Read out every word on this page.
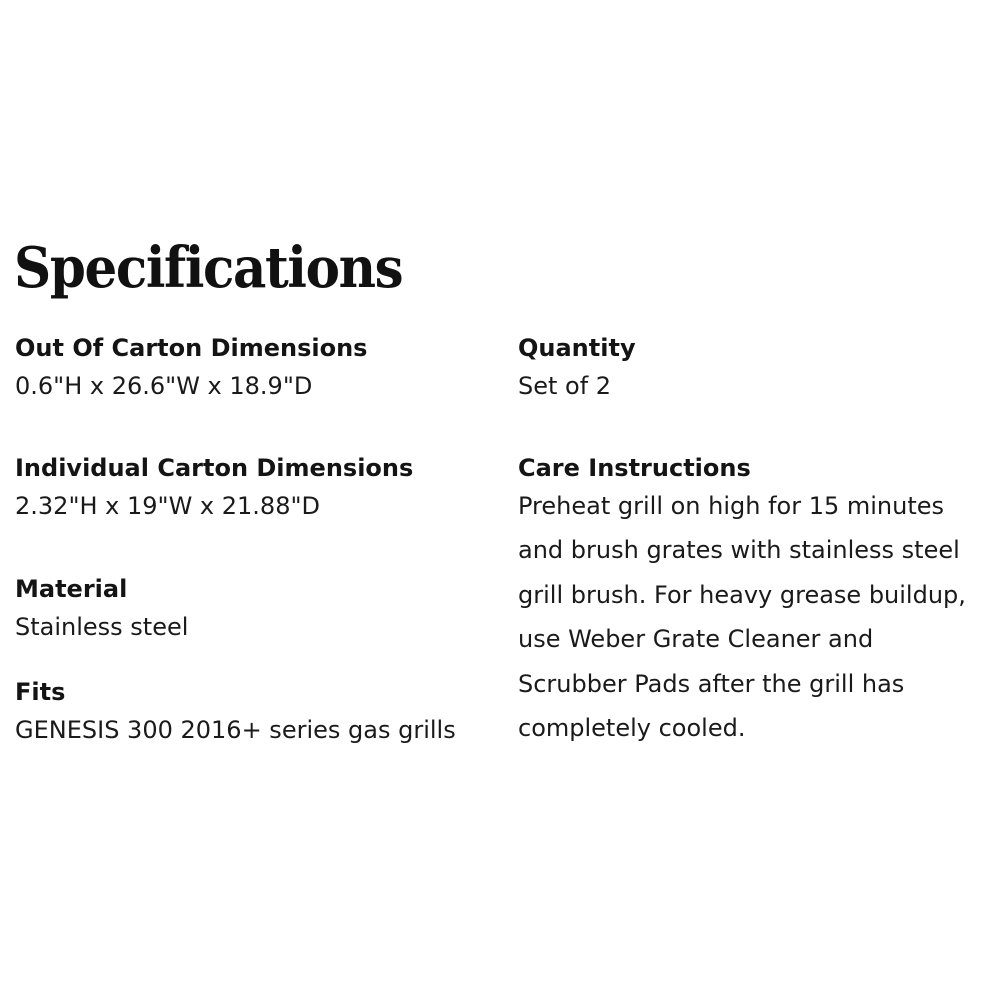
Specifications
Out Of Carton Dimensions
0.6"H x 26.6"W x 18.9"D
Individual Carton Dimensions
2.32"H x 19"W x 21.88"D
Material
Stainless steel
Fits
GENESIS 300 2016+ series gas grills
Quantity
Set of 2
Care Instructions
Preheat grill on high for 15 minutes
and brush grates with stainless steel
grill brush. For heavy grease buildup,
use Weber Grate Cleaner and
Scrubber Pads after the grill has
completely cooled.
